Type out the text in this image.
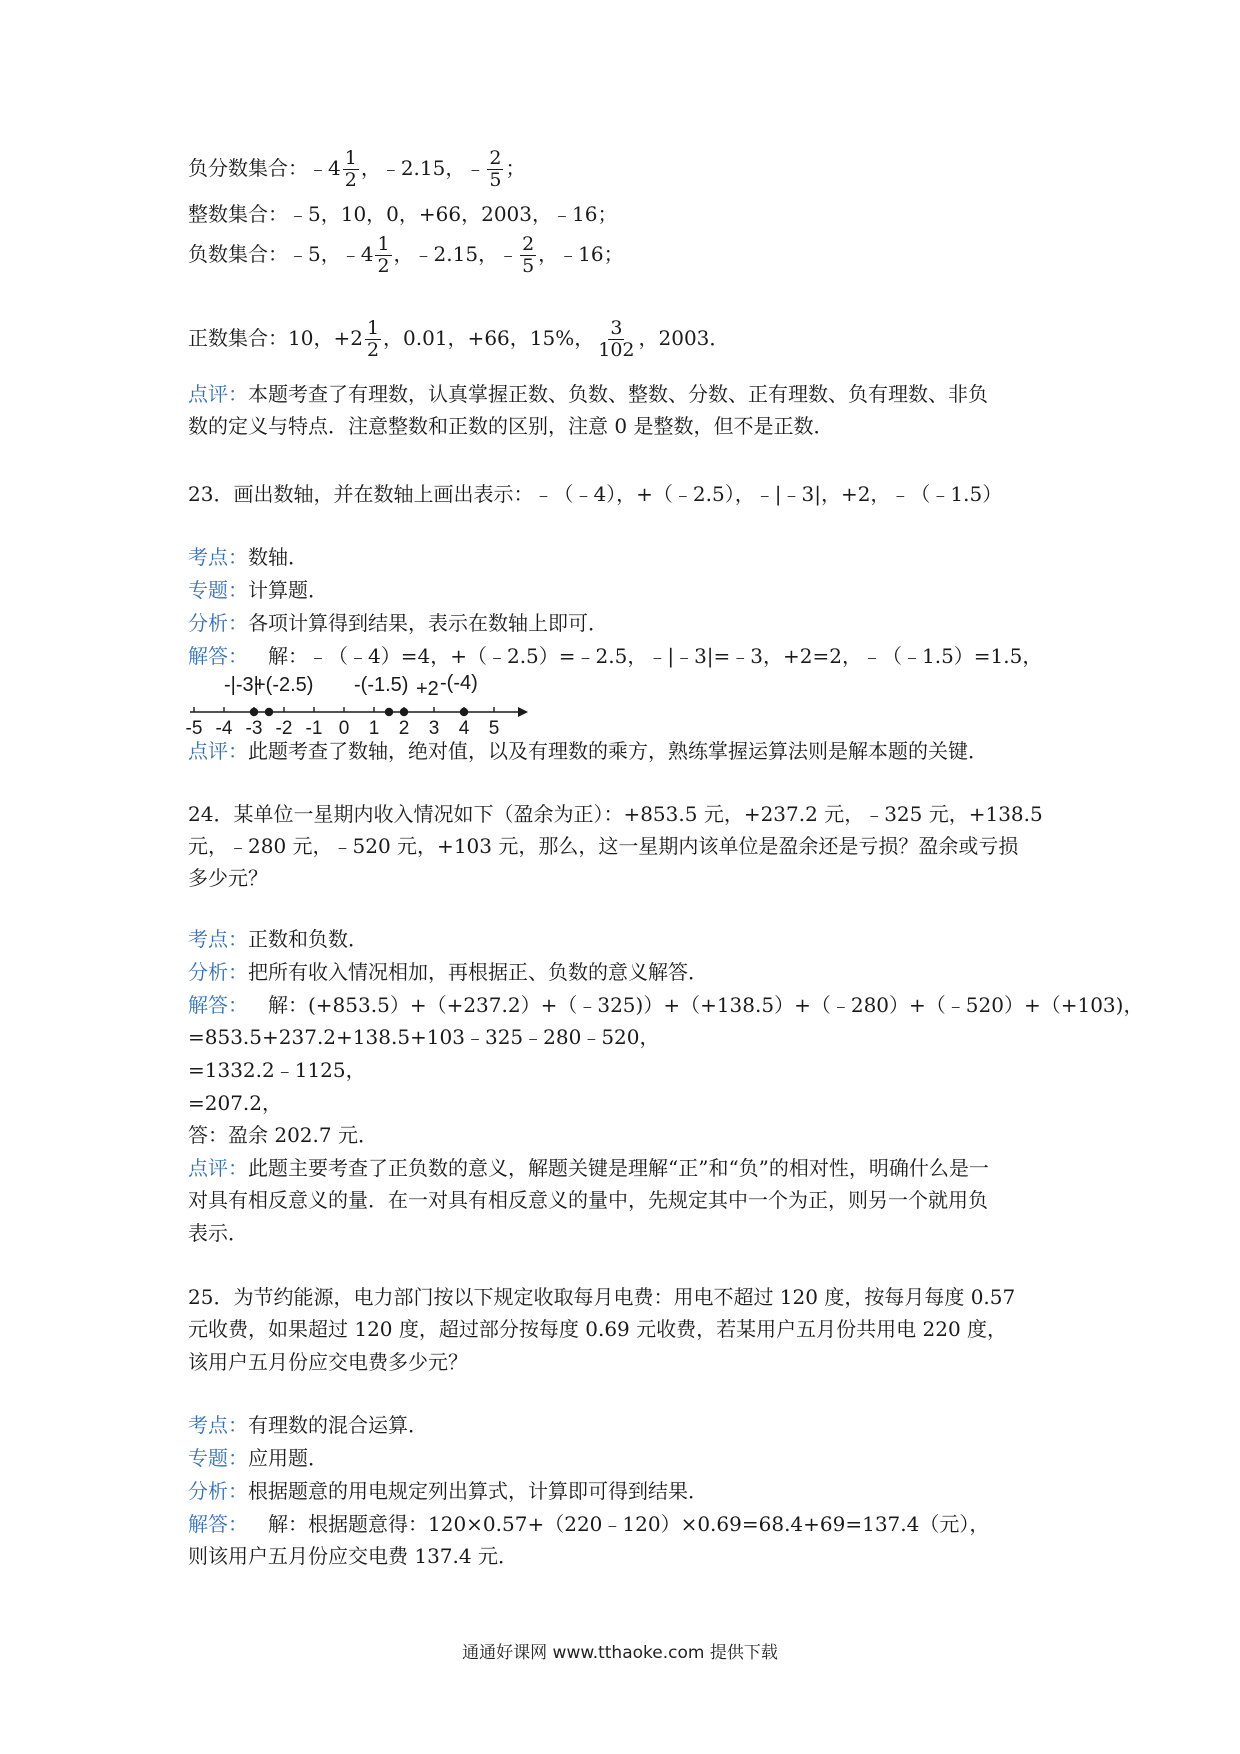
负分数集合：﹣4 $\frac{1}{2}$ ，﹣2.15，﹣ $\frac{2}{5}$ ；
整数集合：﹣5，10，0，+66，2003，﹣16；
负数集合：﹣5，﹣4 $\frac{1}{2}$ ，﹣2.15，﹣ $\frac{2}{5}$ ，﹣16；
正数集合：10，$+2 \frac{1}{2}$ ，0.01，+66，15%， $\frac{3}{102}$ ，2003．
点评：本题考查了有理数，认真掌握正数、负数、整数、分数、正有理数、负有理数、非负
数的定义与特点．注意整数和正数的区别，注意 0 是整数，但不是正数．
23．画出数轴，并在数轴上画出表示：﹣（﹣4），+（﹣2.5），﹣|﹣3|，+2，﹣（﹣1.5）
考点：数轴．
专题：计算题．
分析：各项计算得到结果，表示在数轴上即可．
解答： 解：﹣（﹣4）=4，+（﹣2.5）=﹣2.5，﹣|﹣3|=﹣3，+2=2，﹣（﹣1.5）=1.5，
-|-3|
+(-2.5) -(-1.5) +2 -(-4)
-5 -4 -3 -2 -1 0 1 2 3 4 5
点评：此题考查了数轴，绝对值，以及有理数的乘方，熟练掌握运算法则是解本题的关键．
24．某单位一星期内收入情况如下（盈余为正）：+853.5 元，+237.2 元，﹣325 元，+138.5
元，﹣280 元，﹣520 元，+103 元，那么，这一星期内该单位是盈余还是亏损？盈余或亏损
多少元？
考点：正数和负数．
分析：把所有收入情况相加，再根据正、负数的意义解答．
解答： 解：(+853.5）+（+237.2）+（﹣325)）+（+138.5）+（﹣280）+（﹣520）+（+103)，
=853.5+237.2+138.5+103﹣325﹣280﹣520，
=1332.2﹣1125，
=207.2，
答：盈余 202.7 元．
点评：此题主要考查了正负数的意义，解题关键是理解“正”和“负”的相对性，明确什么是一
对具有相反意义的量．在一对具有相反意义的量中，先规定其中一个为正，则另一个就用负
表示．
25．为节约能源，电力部门按以下规定收取每月电费：用电不超过 120 度，按每月每度 0.57
元收费，如果超过 120 度，超过部分按每度 0.69 元收费，若某用户五月份共用电 220 度，
该用户五月份应交电费多少元？
考点：有理数的混合运算．
专题：应用题．
分析：根据题意的用电规定列出算式，计算即可得到结果．
解答： 解：根据题意得：120×0.57+（220﹣120）×0.69=68.4+69=137.4（元），
则该用户五月份应交电费 137.4 元．
通通好课网 www.tthaoke.com 提供下载
